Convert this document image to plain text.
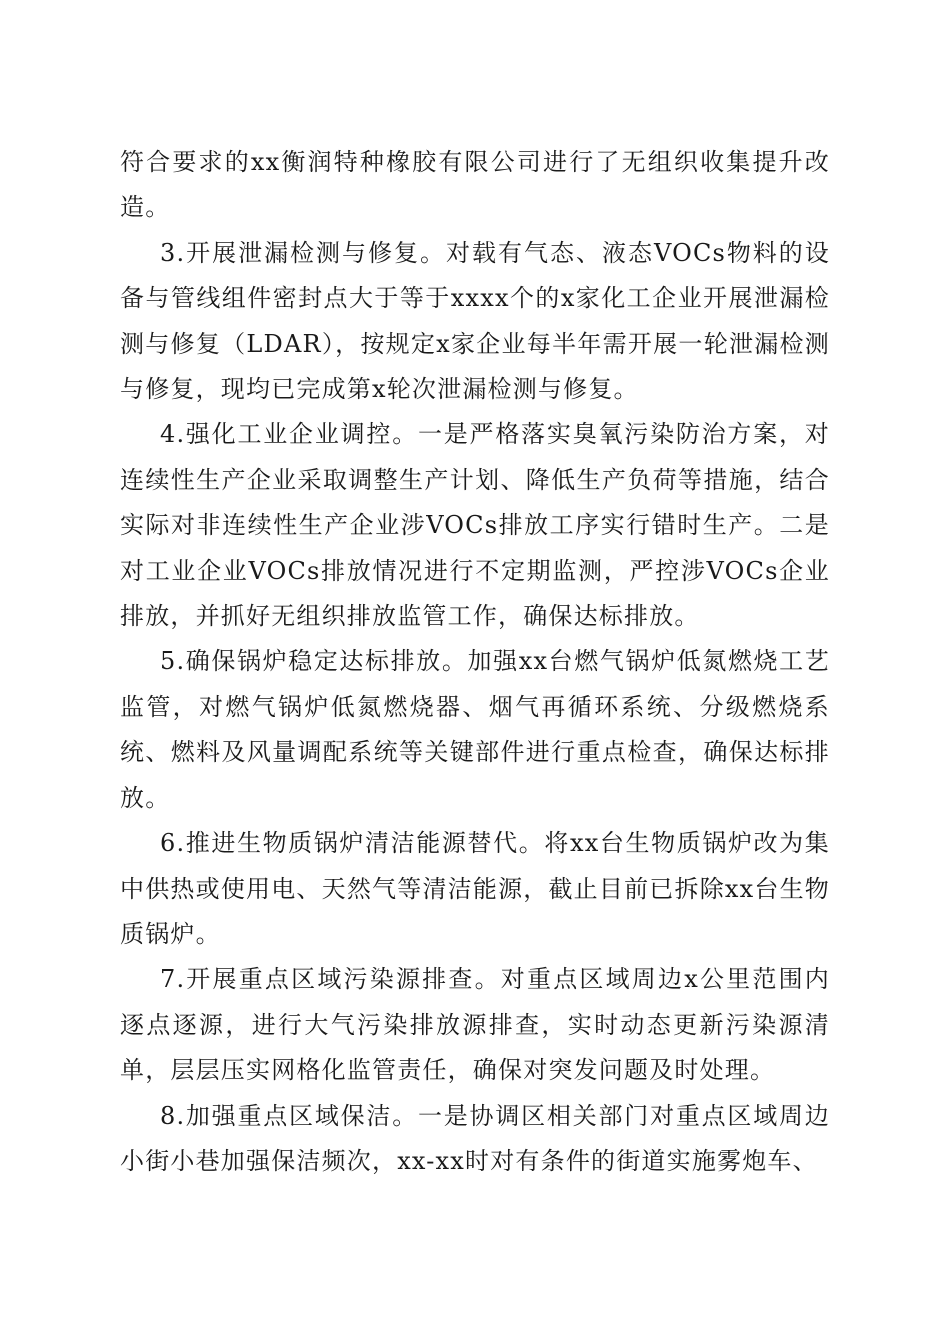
符合要求的xx衡润特种橡胶有限公司进行了无组织收集提升改造。

3.开展泄漏检测与修复。对载有气态、液态VOCs物料的设备与管线组件密封点大于等于xxxx个的x家化工企业开展泄漏检测与修复（LDAR），按规定x家企业每半年需开展一轮泄漏检测与修复，现均已完成第x轮次泄漏检测与修复。

4.强化工业企业调控。一是严格落实臭氧污染防治方案，对连续性生产企业采取调整生产计划、降低生产负荷等措施，结合实际对非连续性生产企业涉VOCs排放工序实行错时生产。二是对工业企业VOCs排放情况进行不定期监测，严控涉VOCs企业排放，并抓好无组织排放监管工作，确保达标排放。

5.确保锅炉稳定达标排放。加强xx台燃气锅炉低氮燃烧工艺监管，对燃气锅炉低氮燃烧器、烟气再循环系统、分级燃烧系统、燃料及风量调配系统等关键部件进行重点检查，确保达标排放。

6.推进生物质锅炉清洁能源替代。将xx台生物质锅炉改为集中供热或使用电、天然气等清洁能源，截止目前已拆除xx台生物质锅炉。

7.开展重点区域污染源排查。对重点区域周边x公里范围内逐点逐源，进行大气污染排放源排查，实时动态更新污染源清单，层层压实网格化监管责任，确保对突发问题及时处理。

8.加强重点区域保洁。一是协调区相关部门对重点区域周边小街小巷加强保洁频次，xx-xx时对有条件的街道实施雾炮车、
